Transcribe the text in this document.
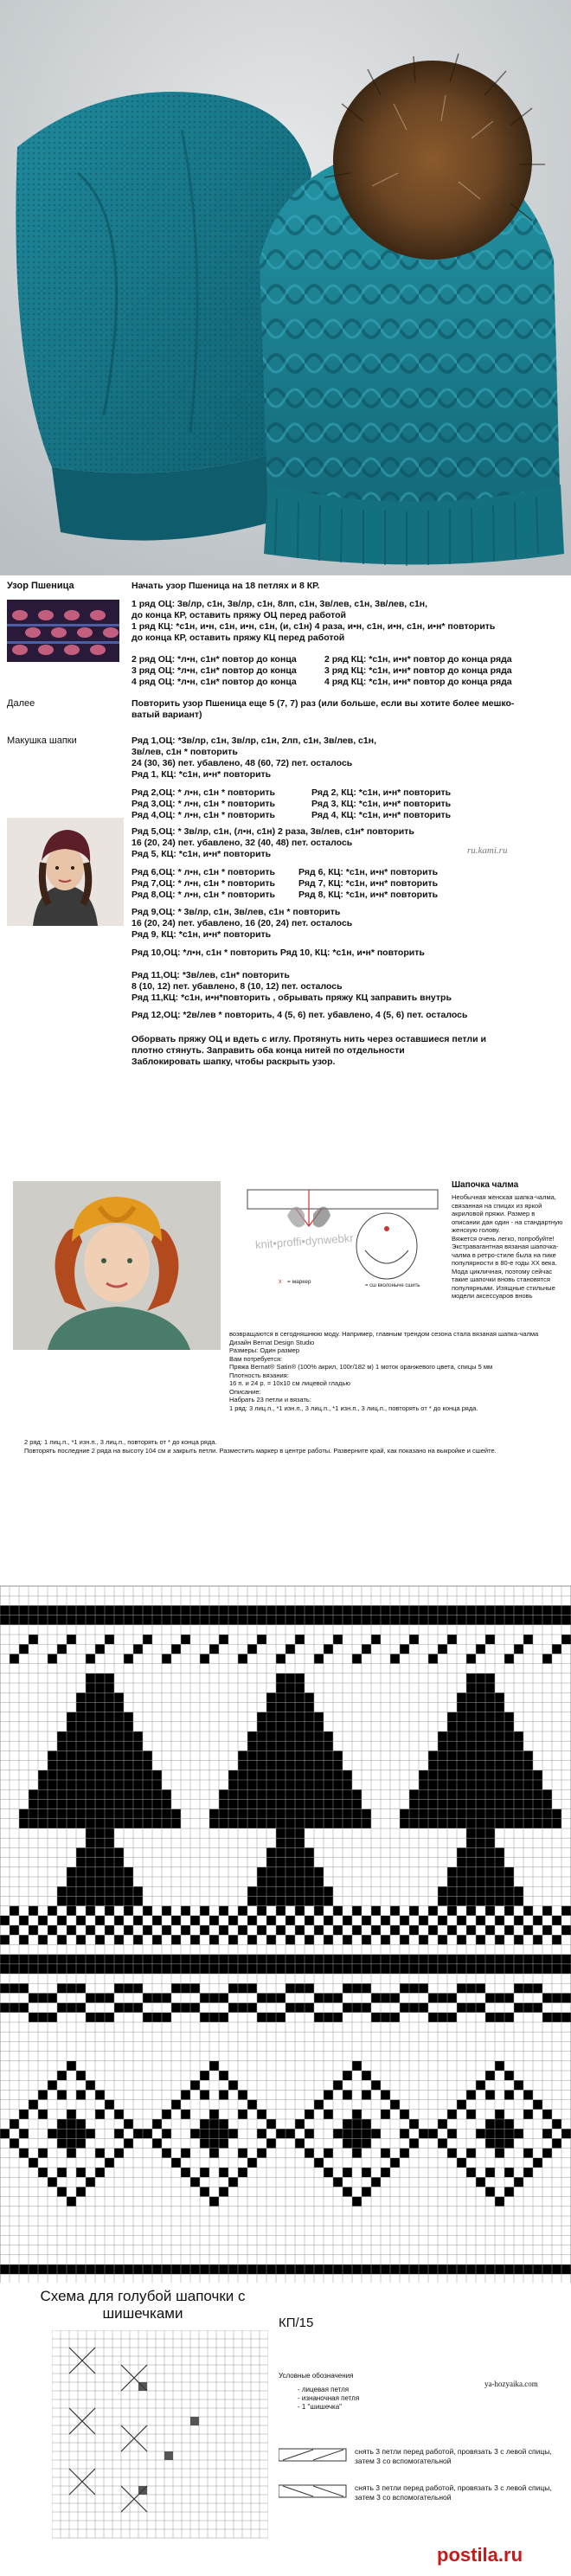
Узор Пшеница	Начать узор Пшеница на 18 петлях и 8 КР.
1 ряд ОЦ: 3в/лр, с1н, 3в/лр, с1н, 8лп, с1н, 3в/лев, с1н, 3в/лев, с1н,
до конца КР, оставить пряжу ОЦ перед работой
1 ряд КЦ: *с1н, и•н, с1н, и•н, с1н, (и, с1н) 4 раза, и•н, с1н, и•н, с1н, и•н* повторить
до конца КР, оставить пряжу КЦ перед работой
2 ряд ОЦ: *л•н, с1н* повтор до конца
3 ряд ОЦ: *л•н, с1н* повтор до конца
4 ряд ОЦ: *л•н, с1н* повтор до конца
2 ряд КЦ: *с1н, и•н* повтор до конца ряда
3 ряд КЦ: *с1н, и•н* повтор до конца ряда
4 ряд КЦ: *с1н, и•н* повтор до конца ряда
Далее	Повторить узор Пшеница еще 5 (7, 7) раз (или больше, если вы хотите более мешко-
ватый вариант)
Макушка шапки	Ряд 1,ОЦ: *3в/лр, с1н, 3в/лр, с1н, 2лп, с1н, 3в/лев, с1н,
3в/лев, с1н * повторить
24 (30, 36) пет. убавлено, 48 (60, 72) пет. осталось
Ряд 1, КЦ: *с1н, и•н* повторить
Ряд 2,ОЦ: * л•н, с1н * повторить
Ряд 3,ОЦ: * л•н, с1н * повторить
Ряд 4,ОЦ: * л•н, с1н * повторить
Ряд 2, КЦ: *с1н, и•н* повторить
Ряд 3, КЦ: *с1н, и•н* повторить
Ряд 4, КЦ: *с1н, и•н* повторить
Ряд 5,ОЦ: * 3в/лр, с1н, (л•н, с1н) 2 раза, 3в/лев, с1н* повторить
16 (20, 24) пет. убавлено, 32 (40, 48) пет. осталось
Ряд 5, КЦ: *с1н, и•н* повторить
Ряд 6,ОЦ: * л•н, с1н * повторить
Ряд 7,ОЦ: * л•н, с1н * повторить
Ряд 8,ОЦ: * л•н, с1н * повторить
Ряд 6, КЦ: *с1н, и•н* повторить
Ряд 7, КЦ: *с1н, и•н* повторить
Ряд 8, КЦ: *с1н, и•н* повторить
Ряд 9,ОЦ: * 3в/лр, с1н, 3в/лев, с1н * повторить
16 (20, 24) пет. убавлено, 16 (20, 24) пет. осталось
Ряд 9, КЦ: *с1н, и•н* повторить
Ряд 10,ОЦ: *л•н, с1н * повторить Ряд 10, КЦ: *с1н, и•н* повторить
Ряд 11,ОЦ: *3в/лев, с1н* повторить
8 (10, 12) пет. убавлено, 8 (10, 12) пет. осталось
Ряд 11,КЦ: *с1н, и•н*повторить , обрывать пряжу КЦ заправить внутрь
Ряд 12,ОЦ: *2в/лев * повторить, 4 (5, 6) пет. убавлено, 4 (5, 6) пет. осталось
Оборвать пряжу ОЦ и вдеть с иглу. Протянуть нить через оставшиеся петли и
плотно стянуть. Заправить оба конца нитей по отдельности
Заблокировать шапку, чтобы раскрыть узор.
ru.kami.ru
x = маркер
= сш вколоныче сшить
knit•proffi•dynwebkr
Шапочка чалма
Необычная женская шапка-чалма, связанная на спицах из яркой акриловой пряжи. Размер в описании дан один - на стандартную женскую голову.
Вяжется очень легко, попробуйте!
Экстравагантная вязаная шапочка-чалма в ретро-стиле была на пике популярности в 80-е годы XX века. Мода цикличная, поэтому сейчас такие шапочки вновь становятся популярными. Изящные стильные модели аксессуаров вновь
возвращаются в сегодняшнюю моду. Например, главным трендом сезона стала вязаная шапка-чалма
Дизайн Bernat Design Studio
Размеры: Один размер
Вам потребуется:
Пряжа Bernat® Satin® (100% акрил, 100г/182 м) 1 моток оранжевого цвета, спицы 5 мм
Плотность вязания:
16 п. и 24 р. = 10х10 см лицевой гладью
Описание:
Набрать 23 петли и вязать:
1 ряд: 3 лиц.п., *1 изн.п., 3 лиц.п., *1 изн.п., 3 лиц.п., повторять от * до конца ряда.
2 ряд: 1 лиц.п., *1 изн.п., 3 лиц.п., повторять от * до конца ряда.
Повторять последние 2 ряда на высоту 104 см и закрыть петли. Разместить маркер в центре работы. Разверните край, как показано на выкройке и сшейте.
Схема для голубой шапочки с шишечками
КП/15
Условные обозначения
- лицевая петля
- изнаночная петля
- 1 "шишечка"
ya-hozyaika.com
снять 3 петли перед работой, провязать 3 с левой спицы, затем 3 со вспомогательной
снять 3 петли перед работой, провязать 3 с левой спицы, затем 3 со вспомогательной
postila.ru
